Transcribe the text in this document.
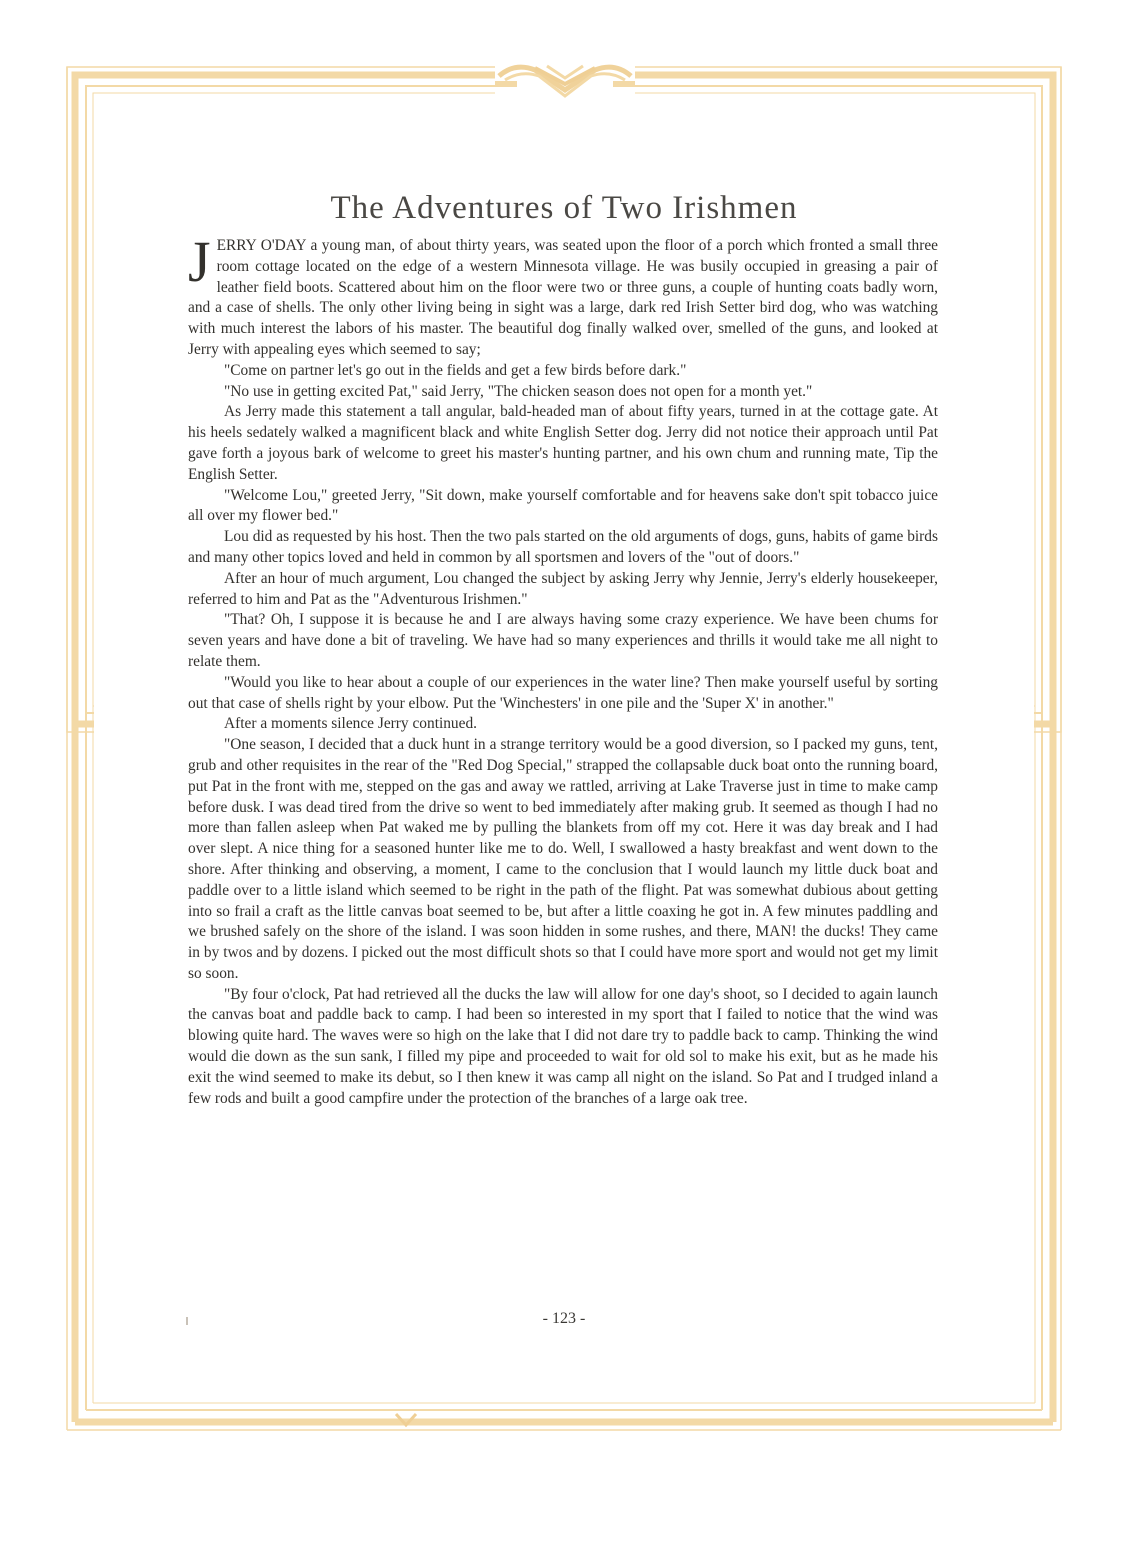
The Adventures of Two Irishmen

JERRY O'DAY a young man, of about thirty years, was seated upon the floor of a porch which fronted a small three room cottage located on the edge of a western Minnesota village. He was busily occupied in greasing a pair of leather field boots. Scattered about him on the floor were two or three guns, a couple of hunting coats badly worn, and a case of shells. The only other living being in sight was a large, dark red Irish Setter bird dog, who was watching with much interest the labors of his master. The beautiful dog finally walked over, smelled of the guns, and looked at Jerry with appealing eyes which seemed to say;

"Come on partner let's go out in the fields and get a few birds before dark."

"No use in getting excited Pat," said Jerry, "The chicken season does not open for a month yet."

As Jerry made this statement a tall angular, bald-headed man of about fifty years, turned in at the cottage gate. At his heels sedately walked a magnificent black and white English Setter dog. Jerry did not notice their approach until Pat gave forth a joyous bark of welcome to greet his master's hunting partner, and his own chum and running mate, Tip the English Setter.

"Welcome Lou," greeted Jerry, "Sit down, make yourself comfortable and for heavens sake don't spit tobacco juice all over my flower bed."

Lou did as requested by his host. Then the two pals started on the old arguments of dogs, guns, habits of game birds and many other topics loved and held in common by all sportsmen and lovers of the "out of doors."

After an hour of much argument, Lou changed the subject by asking Jerry why Jennie, Jerry's elderly housekeeper, referred to him and Pat as the "Adventurous Irishmen."

"That? Oh, I suppose it is because he and I are always having some crazy experience. We have been chums for seven years and have done a bit of traveling. We have had so many experiences and thrills it would take me all night to relate them.

"Would you like to hear about a couple of our experiences in the water line? Then make yourself useful by sorting out that case of shells right by your elbow. Put the 'Winchesters' in one pile and the 'Super X' in another."

After a moments silence Jerry continued.

"One season, I decided that a duck hunt in a strange territory would be a good diversion, so I packed my guns, tent, grub and other requisites in the rear of the "Red Dog Special," strapped the collapsable duck boat onto the running board, put Pat in the front with me, stepped on the gas and away we rattled, arriving at Lake Traverse just in time to make camp before dusk. I was dead tired from the drive so went to bed immediately after making grub. It seemed as though I had no more than fallen asleep when Pat waked me by pulling the blankets from off my cot. Here it was day break and I had over slept. A nice thing for a seasoned hunter like me to do. Well, I swallowed a hasty breakfast and went down to the shore. After thinking and observing, a moment, I came to the conclusion that I would launch my little duck boat and paddle over to a little island which seemed to be right in the path of the flight. Pat was somewhat dubious about getting into so frail a craft as the little canvas boat seemed to be, but after a little coaxing he got in. A few minutes paddling and we brushed safely on the shore of the island. I was soon hidden in some rushes, and there, MAN! the ducks! They came in by twos and by dozens. I picked out the most difficult shots so that I could have more sport and would not get my limit so soon.

"By four o'clock, Pat had retrieved all the ducks the law will allow for one day's shoot, so I decided to again launch the canvas boat and paddle back to camp. I had been so interested in my sport that I failed to notice that the wind was blowing quite hard. The waves were so high on the lake that I did not dare try to paddle back to camp. Thinking the wind would die down as the sun sank, I filled my pipe and proceeded to wait for old sol to make his exit, but as he made his exit the wind seemed to make its debut, so I then knew it was camp all night on the island. So Pat and I trudged inland a few rods and built a good campfire under the protection of the branches of a large oak tree.

- 123 -
